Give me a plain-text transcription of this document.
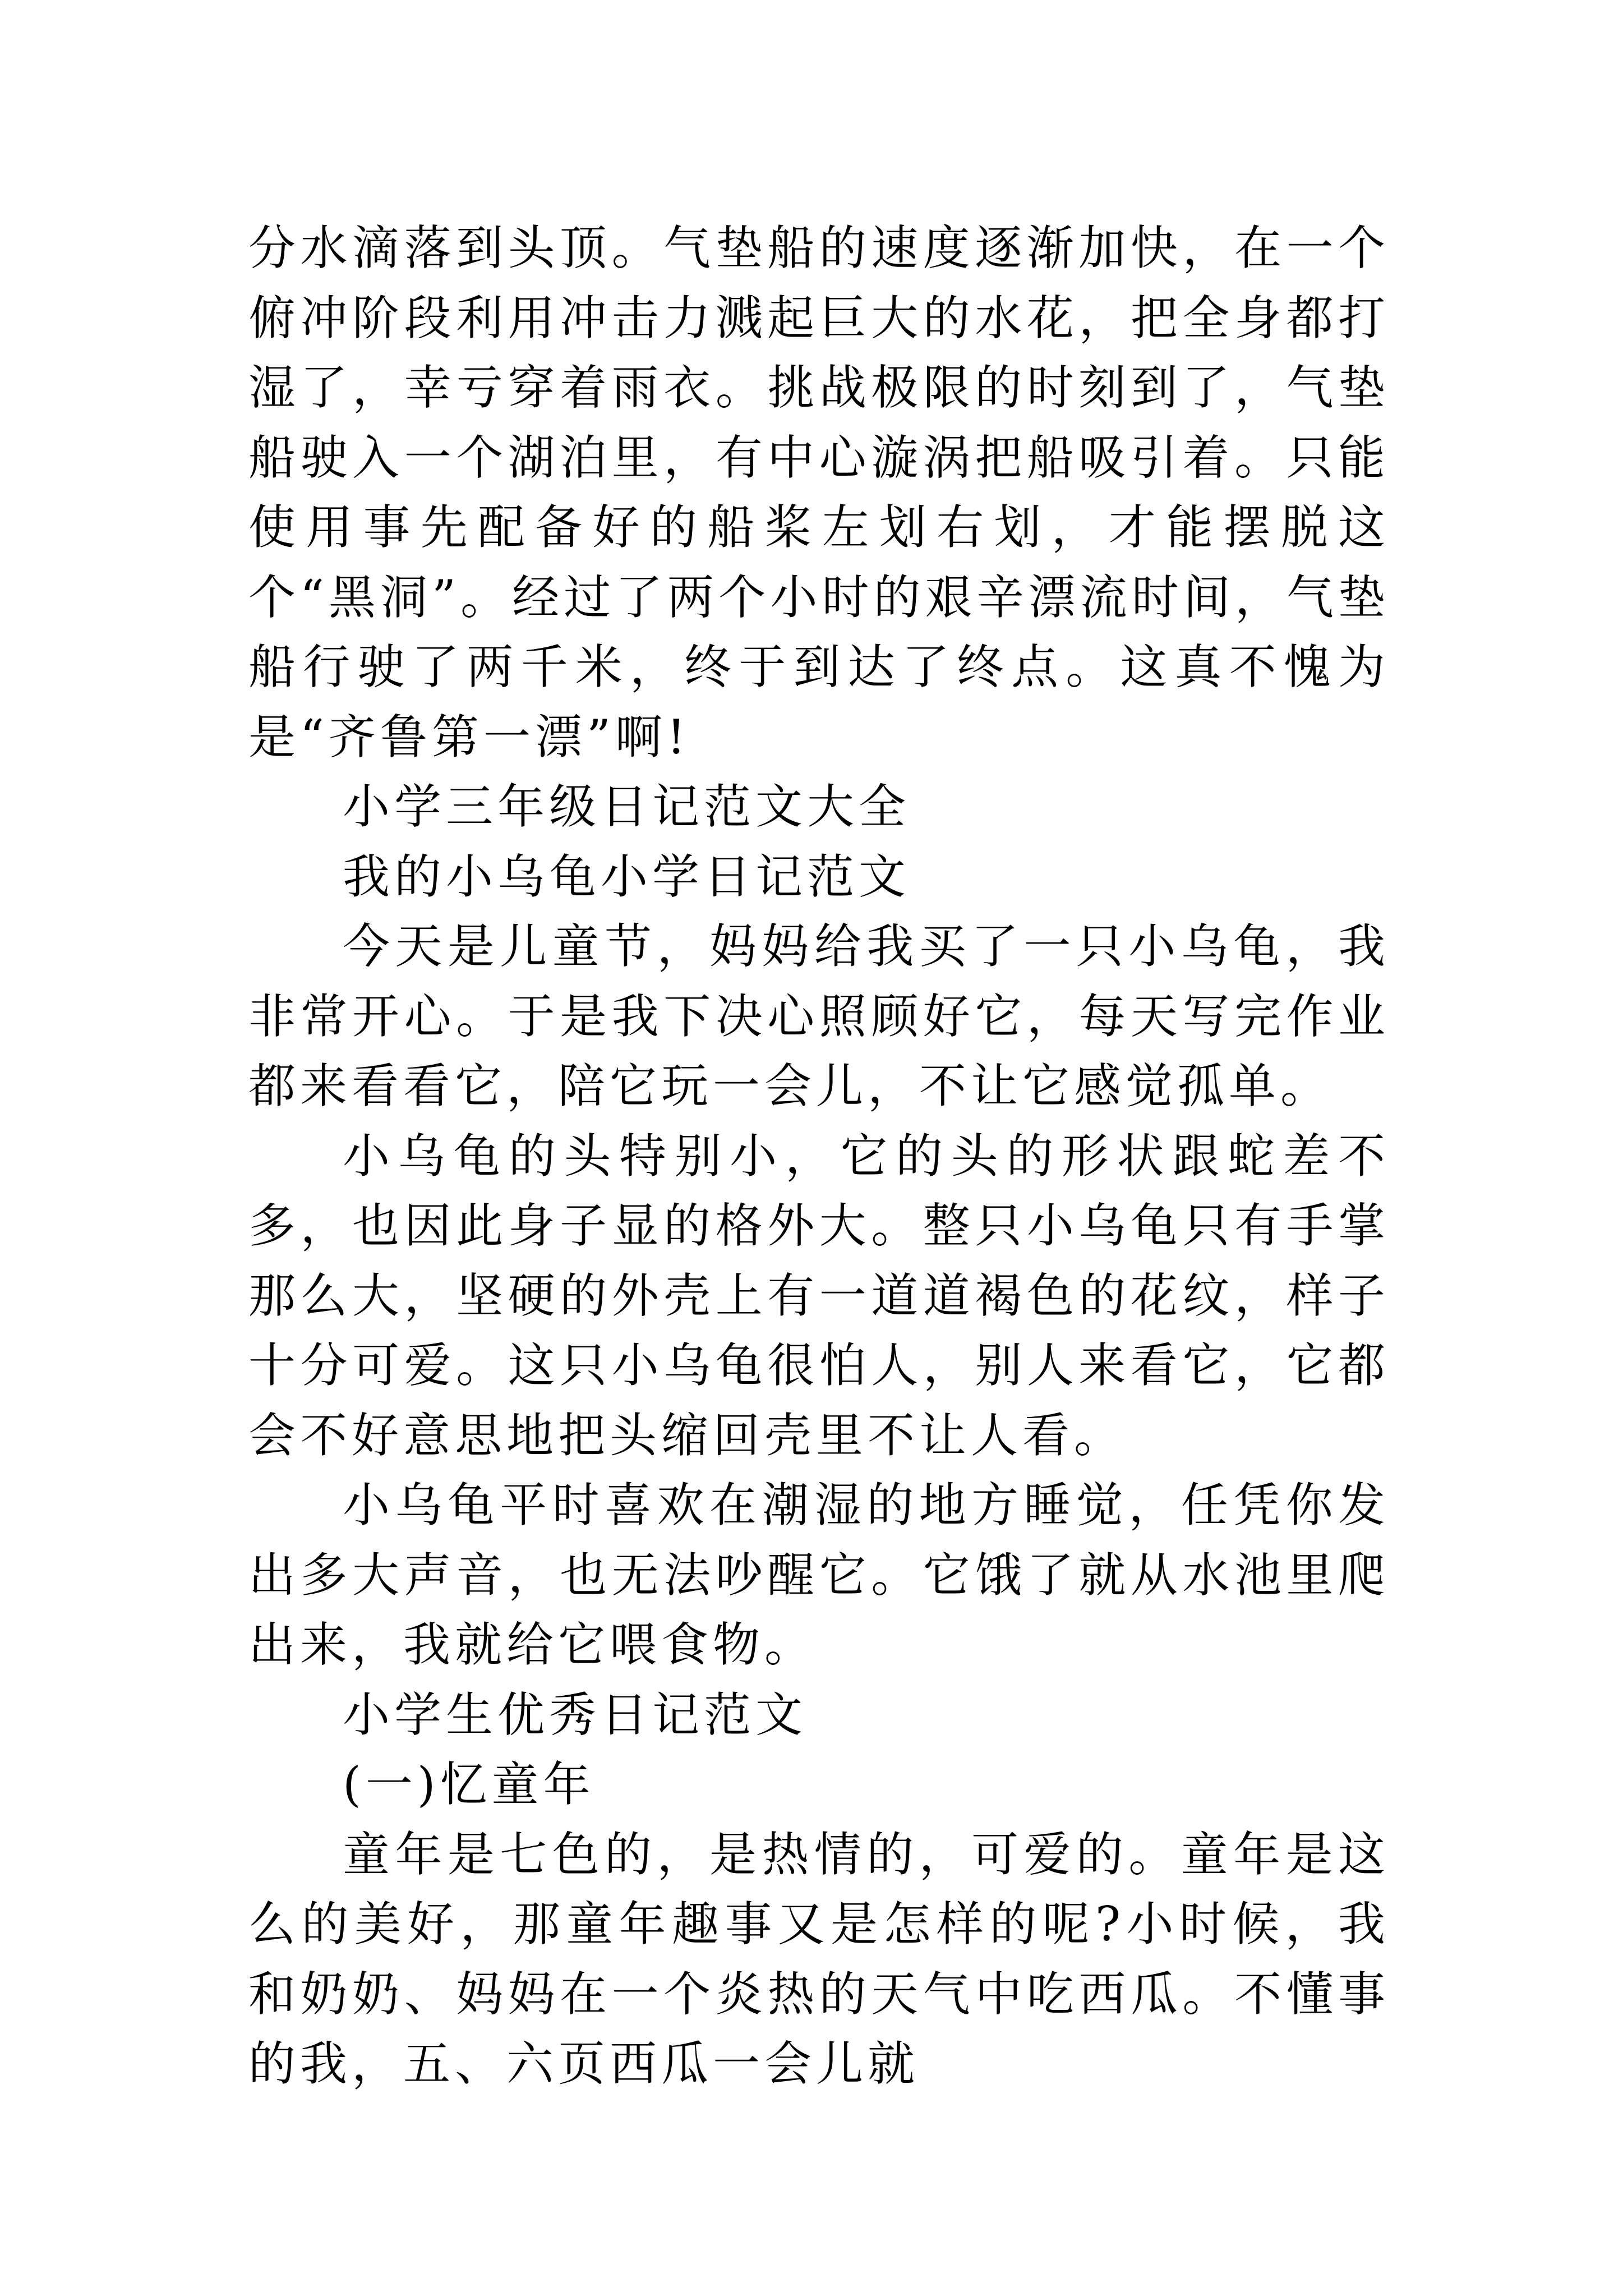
分水滴落到头顶。气垫船的速度逐渐加快，在一个俯冲阶段利用冲击力溅起巨大的水花，把全身都打湿了，幸亏穿着雨衣。挑战极限的时刻到了，气垫船驶入一个湖泊里，有中心漩涡把船吸引着。只能使用事先配备好的船桨左划右划，才能摆脱这个“黑洞”。经过了两个小时的艰辛漂流时间，气垫船行驶了两千米，终于到达了终点。这真不愧为是“齐鲁第一漂”啊!

小学三年级日记范文大全

我的小乌龟小学日记范文

今天是儿童节，妈妈给我买了一只小乌龟，我非常开心。于是我下决心照顾好它，每天写完作业都来看看它，陪它玩一会儿，不让它感觉孤单。

小乌龟的头特别小，它的头的形状跟蛇差不多，也因此身子显的格外大。整只小乌龟只有手掌那么大，坚硬的外壳上有一道道褐色的花纹，样子十分可爱。这只小乌龟很怕人，别人来看它，它都会不好意思地把头缩回壳里不让人看。

小乌龟平时喜欢在潮湿的地方睡觉，任凭你发出多大声音，也无法吵醒它。它饿了就从水池里爬出来，我就给它喂食物。

小学生优秀日记范文

(一)忆童年

童年是七色的，是热情的，可爱的。童年是这么的美好，那童年趣事又是怎样的呢?小时候，我和奶奶、妈妈在一个炎热的天气中吃西瓜。不懂事的我，五、六页西瓜一会儿就
